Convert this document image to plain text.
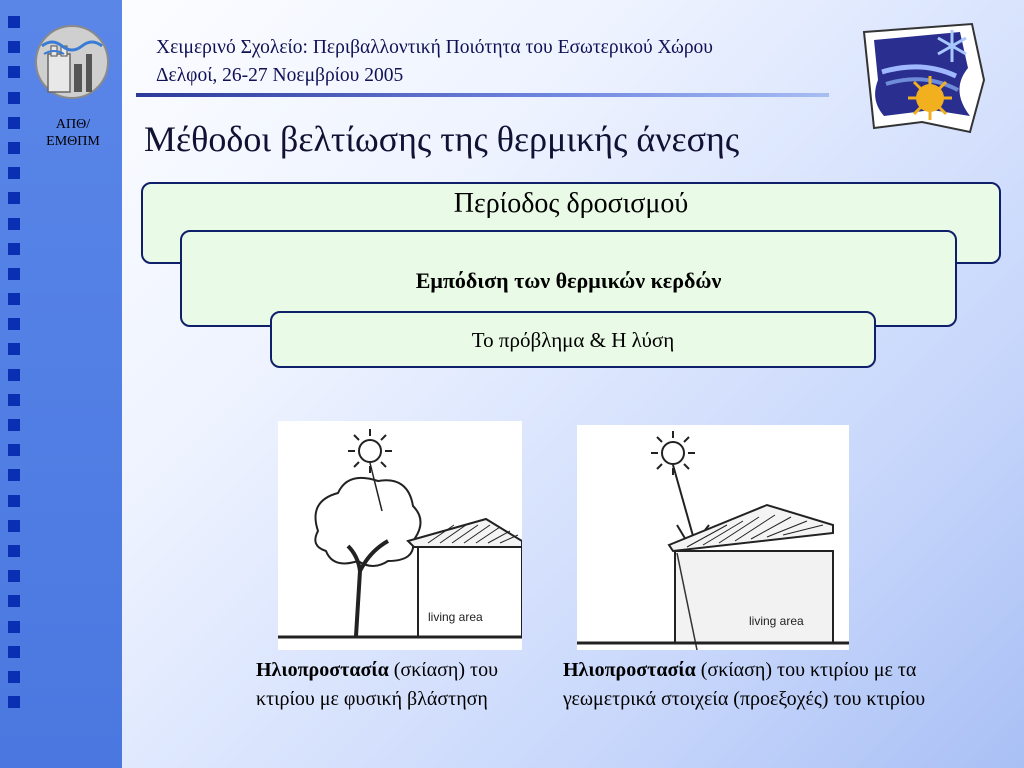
ΑΠΘ/
ΕΜΘΠΜ
Χειμερινό Σχολείο: Περιβαλλοντική Ποιότητα του Εσωτερικού Χώρου
Δελφοί, 26-27 Νοεμβρίου 2005
Μέθοδοι βελτίωσης της θερμικής άνεσης
Περίοδος δροσισμού
Εμπόδιση των θερμικών κερδών
Το πρόβλημα & Η λύση
living area	living area
Ηλιοπροστασία (σκίαση) του κτιρίου με φυσική βλάστηση
Ηλιοπροστασία (σκίαση) του κτιρίου με τα γεωμετρικά στοιχεία (προεξοχές) του κτιρίου
